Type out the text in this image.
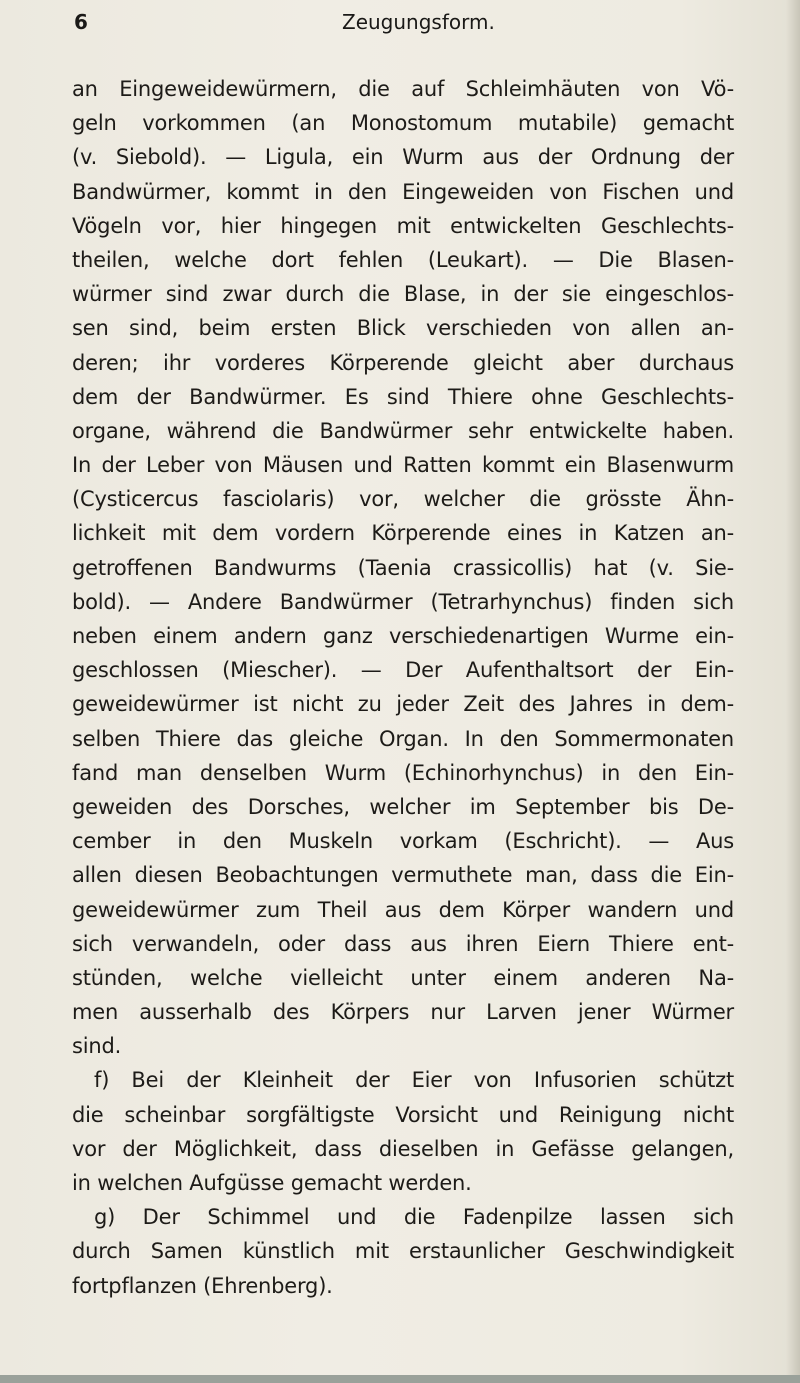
6	Zeugungsform.
an Eingeweidewürmern, die auf Schleimhäuten von Vö-
geln vorkommen (an Monostomum mutabile) gemacht
(v. Siebold). — Ligula, ein Wurm aus der Ordnung der
Bandwürmer, kommt in den Eingeweiden von Fischen und
Vögeln vor, hier hingegen mit entwickelten Geschlechts-
theilen, welche dort fehlen (Leukart). — Die Blasen-
würmer sind zwar durch die Blase, in der sie eingeschlos-
sen sind, beim ersten Blick verschieden von allen an-
deren; ihr vorderes Körperende gleicht aber durchaus
dem der Bandwürmer. Es sind Thiere ohne Geschlechts-
organe, während die Bandwürmer sehr entwickelte haben.
In der Leber von Mäusen und Ratten kommt ein Blasenwurm
(Cysticercus fasciolaris) vor, welcher die grösste Ähn-
lichkeit mit dem vordern Körperende eines in Katzen an-
getroffenen Bandwurms (Taenia crassicollis) hat (v. Sie-
bold). — Andere Bandwürmer (Tetrarhynchus) finden sich
neben einem andern ganz verschiedenartigen Wurme ein-
geschlossen (Miescher). — Der Aufenthaltsort der Ein-
geweidewürmer ist nicht zu jeder Zeit des Jahres in dem-
selben Thiere das gleiche Organ. In den Sommermonaten
fand man denselben Wurm (Echinorhynchus) in den Ein-
geweiden des Dorsches, welcher im September bis De-
cember in den Muskeln vorkam (Eschricht). — Aus
allen diesen Beobachtungen vermuthete man, dass die Ein-
geweidewürmer zum Theil aus dem Körper wandern und
sich verwandeln, oder dass aus ihren Eiern Thiere ent-
stünden, welche vielleicht unter einem anderen Na-
men ausserhalb des Körpers nur Larven jener Würmer
sind.
f) Bei der Kleinheit der Eier von Infusorien schützt
die scheinbar sorgfältigste Vorsicht und Reinigung nicht
vor der Möglichkeit, dass dieselben in Gefässe gelangen,
in welchen Aufgüsse gemacht werden.
g) Der Schimmel und die Fadenpilze lassen sich
durch Samen künstlich mit erstaunlicher Geschwindigkeit
fortpflanzen (Ehrenberg).
